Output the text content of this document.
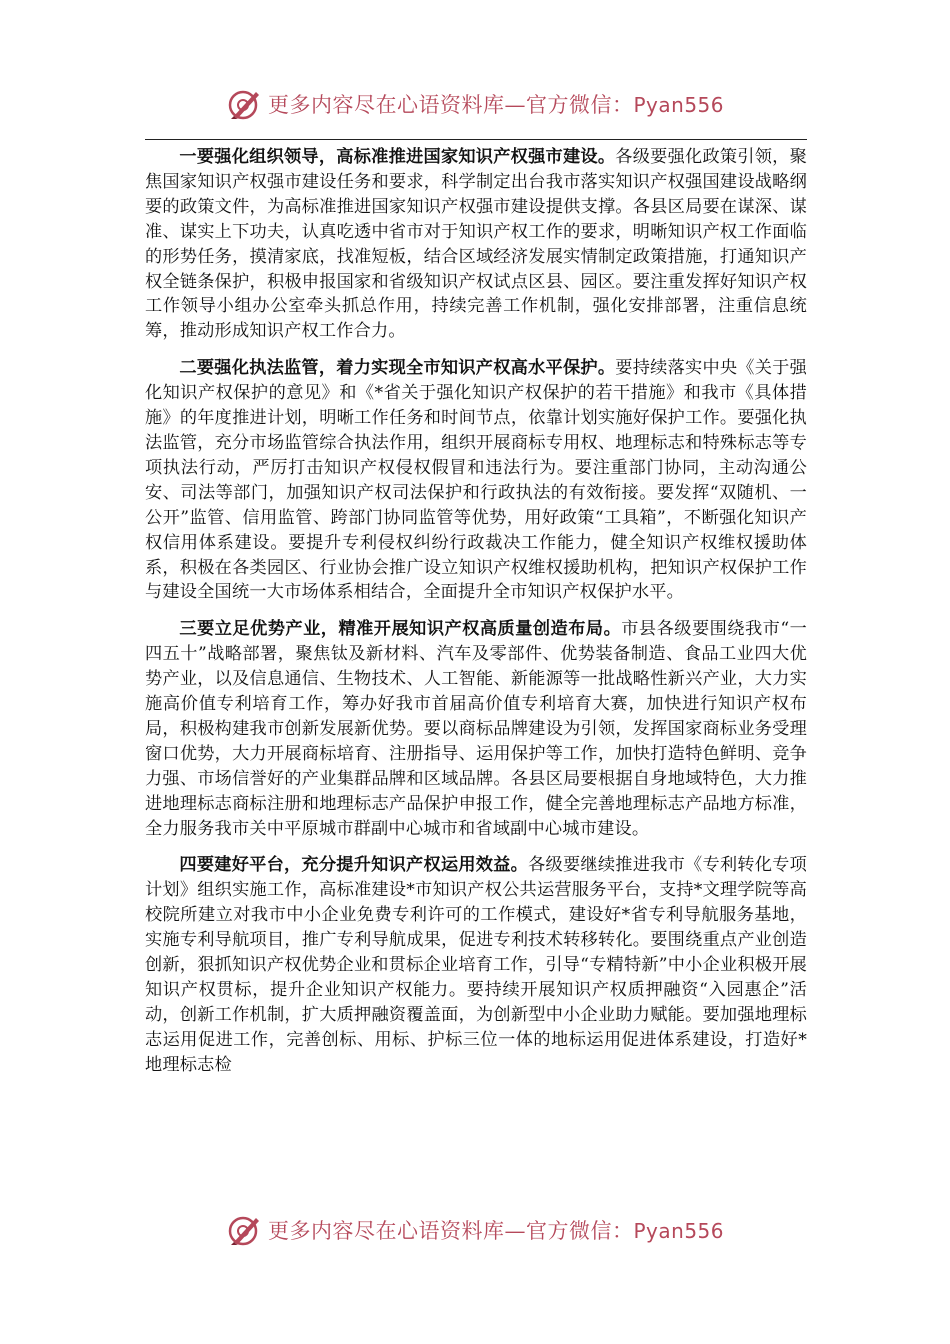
更多内容尽在心语资料库—官方微信：Pyan556

一要强化组织领导，高标准推进国家知识产权强市建设。各级要强化政策引领，聚焦国家知识产权强市建设任务和要求，科学制定出台我市落实知识产权强国建设战略纲要的政策文件，为高标准推进国家知识产权强市建设提供支撑。各县区局要在谋深、谋准、谋实上下功夫，认真吃透中省市对于知识产权工作的要求，明晰知识产权工作面临的形势任务，摸清家底，找准短板，结合区域经济发展实情制定政策措施，打通知识产权全链条保护，积极申报国家和省级知识产权试点区县、园区。要注重发挥好知识产权工作领导小组办公室牵头抓总作用，持续完善工作机制，强化安排部署，注重信息统筹，推动形成知识产权工作合力。

二要强化执法监管，着力实现全市知识产权高水平保护。要持续落实中央《关于强化知识产权保护的意见》和《*省关于强化知识产权保护的若干措施》和我市《具体措施》的年度推进计划，明晰工作任务和时间节点，依靠计划实施好保护工作。要强化执法监管，充分市场监管综合执法作用，组织开展商标专用权、地理标志和特殊标志等专项执法行动，严厉打击知识产权侵权假冒和违法行为。要注重部门协同，主动沟通公安、司法等部门，加强知识产权司法保护和行政执法的有效衔接。要发挥“双随机、一公开”监管、信用监管、跨部门协同监管等优势，用好政策“工具箱”，不断强化知识产权信用体系建设。要提升专利侵权纠纷行政裁决工作能力，健全知识产权维权援助体系，积极在各类园区、行业协会推广设立知识产权维权援助机构，把知识产权保护工作与建设全国统一大市场体系相结合，全面提升全市知识产权保护水平。

三要立足优势产业，精准开展知识产权高质量创造布局。市县各级要围绕我市“一四五十”战略部署，聚焦钛及新材料、汽车及零部件、优势装备制造、食品工业四大优势产业，以及信息通信、生物技术、人工智能、新能源等一批战略性新兴产业，大力实施高价值专利培育工作，筹办好我市首届高价值专利培育大赛，加快进行知识产权布局，积极构建我市创新发展新优势。要以商标品牌建设为引领，发挥国家商标业务受理窗口优势，大力开展商标培育、注册指导、运用保护等工作，加快打造特色鲜明、竞争力强、市场信誉好的产业集群品牌和区域品牌。各县区局要根据自身地域特色，大力推进地理标志商标注册和地理标志产品保护申报工作，健全完善地理标志产品地方标准，全力服务我市关中平原城市群副中心城市和省域副中心城市建设。

四要建好平台，充分提升知识产权运用效益。各级要继续推进我市《专利转化专项计划》组织实施工作，高标准建设*市知识产权公共运营服务平台，支持*文理学院等高校院所建立对我市中小企业免费专利许可的工作模式，建设好*省专利导航服务基地，实施专利导航项目，推广专利导航成果，促进专利技术转移转化。要围绕重点产业创造创新，狠抓知识产权优势企业和贯标企业培育工作，引导“专精特新”中小企业积极开展知识产权贯标，提升企业知识产权能力。要持续开展知识产权质押融资“入园惠企”活动，创新工作机制，扩大质押融资覆盖面，为创新型中小企业助力赋能。要加强地理标志运用促进工作，完善创标、用标、护标三位一体的地标运用促进体系建设，打造好*地理标志检

更多内容尽在心语资料库—官方微信：Pyan556
